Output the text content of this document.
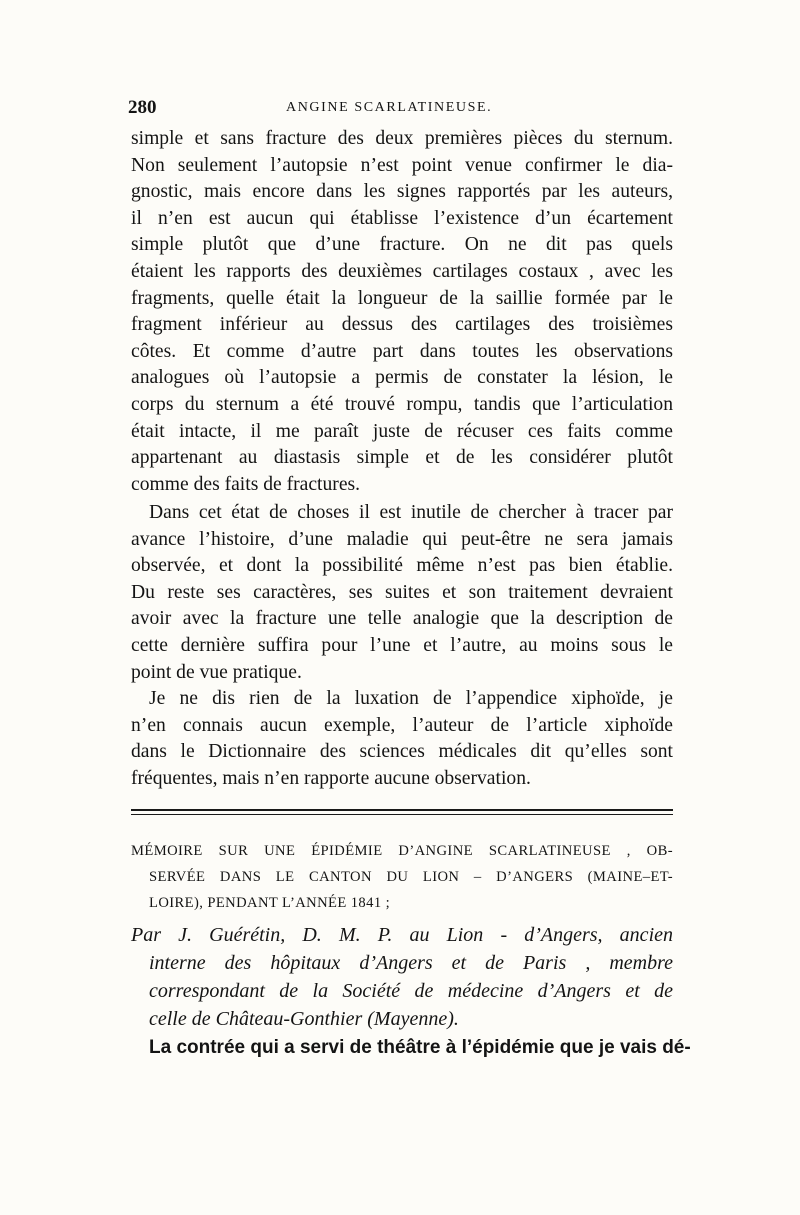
280	ANGINE SCARLATINEUSE.
simple et sans fracture des deux premières pièces du sternum.
Non seulement l’autopsie n’est point venue confirmer le dia-
gnostic, mais encore dans les signes rapportés par les auteurs,
il n’en est aucun qui établisse l’existence d’un écartement
simple plutôt que d’une fracture. On ne dit pas quels
étaient les rapports des deuxièmes cartilages costaux , avec les
fragments, quelle était la longueur de la saillie formée par le
fragment inférieur au dessus des cartilages des troisièmes
côtes. Et comme d’autre part dans toutes les observations
analogues où l’autopsie a permis de constater la lésion, le
corps du sternum a été trouvé rompu, tandis que l’articulation
était intacte, il me paraît juste de récuser ces faits comme
appartenant au diastasis simple et de les considérer plutôt
comme des faits de fractures.
Dans cet état de choses il est inutile de chercher à tracer par
avance l’histoire, d’une maladie qui peut-être ne sera jamais
observée, et dont la possibilité même n’est pas bien établie.
Du reste ses caractères, ses suites et son traitement devraient
avoir avec la fracture une telle analogie que la description de
cette dernière suffira pour l’une et l’autre, au moins sous le
point de vue pratique.
Je ne dis rien de la luxation de l’appendice xiphoïde, je
n’en connais aucun exemple, l’auteur de l’article xiphoïde
dans le Dictionnaire des sciences médicales dit qu’elles sont
fréquentes, mais n’en rapporte aucune observation.
MÉMOIRE SUR UNE ÉPIDÉMIE D’ANGINE SCARLATINEUSE , OB-
SERVÉE DANS LE CANTON DU LION – D’ANGERS (MAINE–ET-
LOIRE), PENDANT L’ANNÉE 1841 ;
Par J. Guérétin, D. M. P. au Lion - d’Angers, ancien
interne des hôpitaux d’Angers et de Paris , membre
correspondant de la Société de médecine d’Angers et de
celle de Château-Gonthier (Mayenne).
La contrée qui a servi de théâtre à l’épidémie que je vais dé-
